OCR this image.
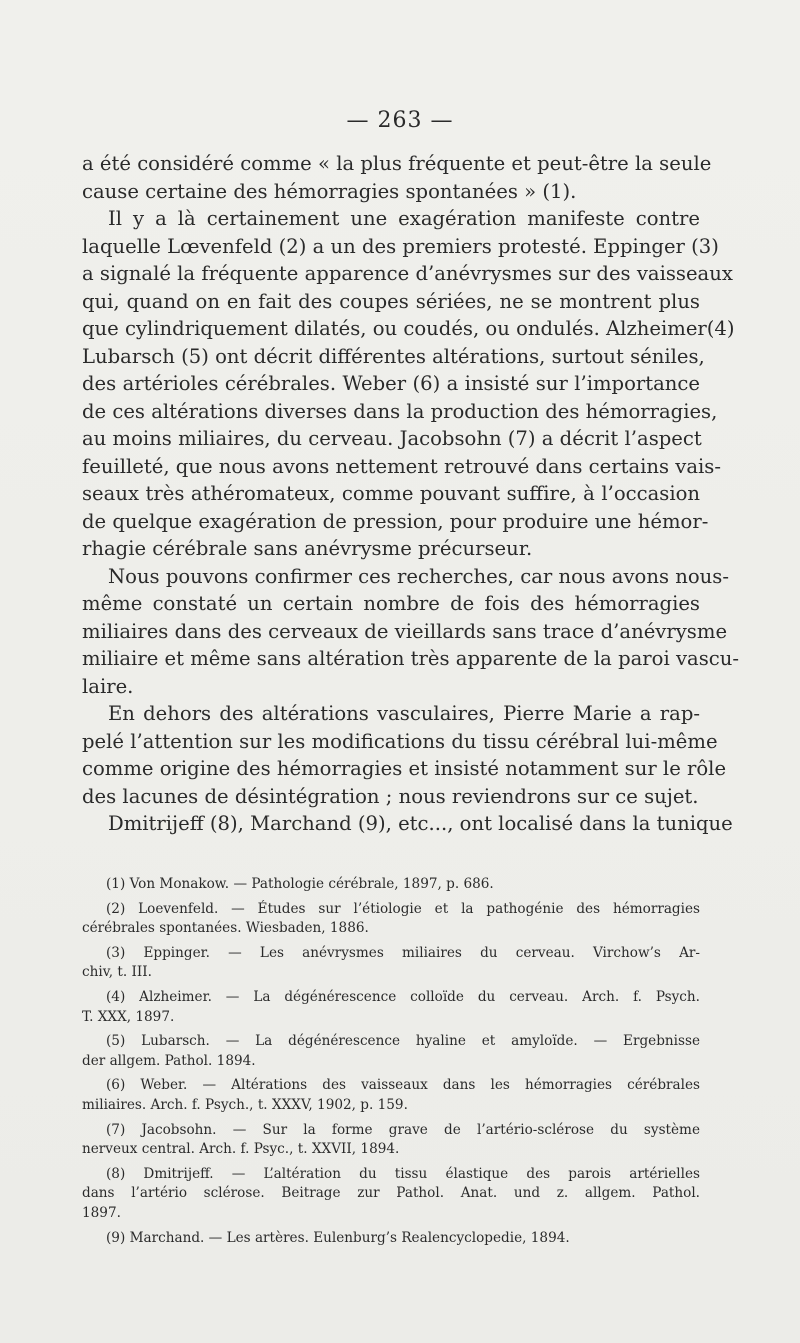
— 263 —
a été considéré comme « la plus fréquente et peut-être la seule
cause certaine des hémorragies spontanées » (1).
Il y a là certainement une exagération manifeste contre
laquelle Lœvenfeld (2) a un des premiers protesté. Eppinger (3)
a signalé la fréquente apparence d’anévrysmes sur des vaisseaux
qui, quand on en fait des coupes sériées, ne se montrent plus
que cylindriquement dilatés, ou coudés, ou ondulés. Alzheimer(4)
Lubarsch (5) ont décrit différentes altérations, surtout séniles,
des artérioles cérébrales. Weber (6) a insisté sur l’importance
de ces altérations diverses dans la production des hémorragies,
au moins miliaires, du cerveau. Jacobsohn (7) a décrit l’aspect
feuilleté, que nous avons nettement retrouvé dans certains vais-
seaux très athéromateux, comme pouvant suffire, à l’occasion
de quelque exagération de pression, pour produire une hémor-
rhagie cérébrale sans anévrysme précurseur.
Nous pouvons confirmer ces recherches, car nous avons nous-
même constaté un certain nombre de fois des hémorragies
miliaires dans des cerveaux de vieillards sans trace d’anévrysme
miliaire et même sans altération très apparente de la paroi vascu-
laire.
En dehors des altérations vasculaires, Pierre Marie a rap-
pelé l’attention sur les modifications du tissu cérébral lui-même
comme origine des hémorragies et insisté notamment sur le rôle
des lacunes de désintégration ; nous reviendrons sur ce sujet.
Dmitrijeff (8), Marchand (9), etc..., ont localisé dans la tunique
(1) Von Monakow. — Pathologie cérébrale, 1897, p. 686.
(2) Loevenfeld. — Études sur l’étiologie et la pathogénie des hémorragies
cérébrales spontanées. Wiesbaden, 1886.
(3) Eppinger. — Les anévrysmes miliaires du cerveau. Virchow’s Ar-
chiv, t. III.
(4) Alzheimer. — La dégénérescence colloïde du cerveau. Arch. f. Psych.
T. XXX, 1897.
(5) Lubarsch. — La dégénérescence hyaline et amyloïde. — Ergebnisse
der allgem. Pathol. 1894.
(6) Weber. — Altérations des vaisseaux dans les hémorragies cérébrales
miliaires. Arch. f. Psych., t. XXXV, 1902, p. 159.
(7) Jacobsohn. — Sur la forme grave de l’artério-sclérose du système
nerveux central. Arch. f. Psyc., t. XXVII, 1894.
(8) Dmitrijeff. — L’altération du tissu élastique des parois artérielles
dans l’artério sclérose. Beitrage zur Pathol. Anat. und z. allgem. Pathol.
1897.
(9) Marchand. — Les artères. Eulenburg’s Realencyclopedie, 1894.
